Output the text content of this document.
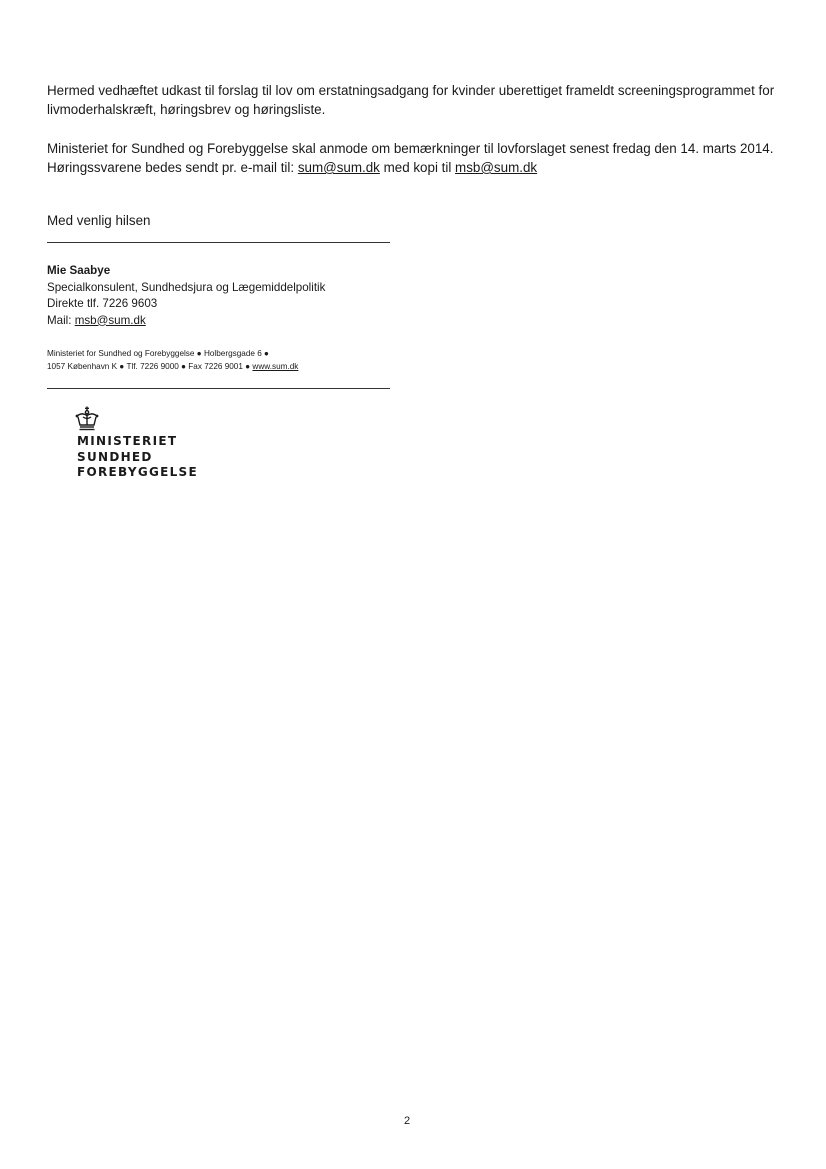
Hermed vedhæftet udkast til forslag til lov om erstatningsadgang for kvinder uberettiget frameldt screeningsprogrammet for livmoderhalskræft, høringsbrev og høringsliste.

Ministeriet for Sundhed og Forebyggelse skal anmode om bemærkninger til lovforslaget senest fredag den 14. marts 2014. Høringssvarene bedes sendt pr. e-mail til: sum@sum.dk med kopi til msb@sum.dk

Med venlig hilsen
Mie Saabye
Specialkonsulent, Sundhedsjura og Lægemiddelpolitik
Direkte tlf. 7226 9603
Mail: msb@sum.dk
Ministeriet for Sundhed og Forebyggelse ● Holbergsgade 6 ●
1057 København K ● Tlf. 7226 9000 ● Fax 7226 9001 ● www.sum.dk
MINISTERIET
SUNDHED
FOREBYGGELSE
2
